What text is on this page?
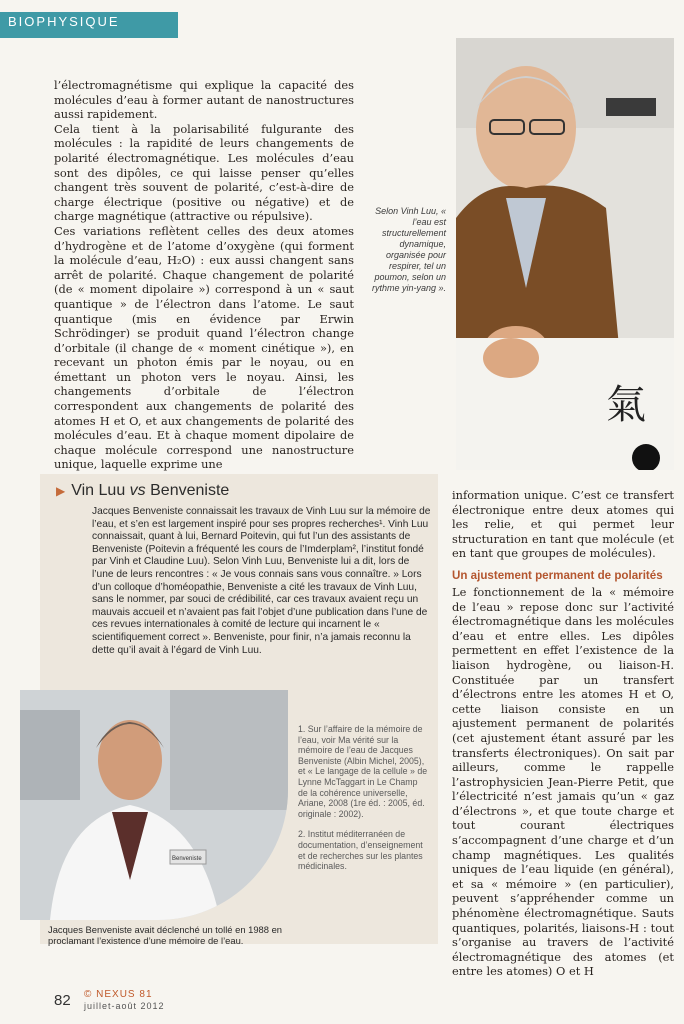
BIOPHYSIQUE

l’électromagnétisme qui explique la capacité des molécules d’eau à former autant de nanostructures aussi rapidement.

Cela tient à la polarisabilité fulgurante des molécules : la rapidité de leurs changements de polarité électromagnétique. Les molécules d’eau sont des dipôles, ce qui laisse penser qu’elles changent très souvent de polarité, c’est-à-dire de charge électrique (positive ou négative) et de charge magnétique (attractive ou répulsive).

Ces variations reflètent celles des deux atomes d’hydrogène et de l’atome d’oxygène (qui forment la molécule d’eau, H₂O) : eux aussi changent sans arrêt de polarité. Chaque changement de polarité (de « moment dipolaire ») correspond à un « saut quantique » de l’électron dans l’atome. Le saut quantique (mis en évidence par Erwin Schrödinger) se produit quand l’électron change d’orbitale (il change de « moment cinétique »), en recevant un photon émis par le noyau, ou en émettant un photon vers le noyau. Ainsi, les changements d’orbitale de l’électron correspondent aux changements de polarité des atomes H et O, et aux changements de polarité des molécules d’eau. Et à chaque moment dipolaire de chaque molécule correspond une nanostructure unique, laquelle exprime une

氣
▶ Vin Luu vs Benveniste

Jacques Benveniste connaissait les travaux de Vinh Luu sur la mémoire de l’eau, et s’en est largement inspiré pour ses propres recherches¹. Vinh Luu connaissait, quant à lui, Bernard Poitevin, qui fut l’un des assistants de Benveniste (Poitevin a fréquenté les cours de l’Imderplam², l’institut fondé par Vinh et Claudine Luu). Selon Vinh Luu, Benveniste lui a dit, lors de l’une de leurs rencontres : « Je vous connais sans vous connaître. » Lors d’un colloque d’homéopathie, Benveniste a cité les travaux de Vinh Luu, sans le nommer, par souci de crédibilité, car ces travaux avaient reçu un mauvais accueil et n’avaient pas fait l’objet d’une publication dans l’une de ces revues internationales à comité de lecture qui incarnent le « scientifiquement correct ». Benveniste, pour finir, n’a jamais reconnu la dette qu’il avait à l’égard de Vinh Luu.

Benveniste

1. Sur l’affaire de la mémoire de l’eau, voir Ma vérité sur la mémoire de l’eau de Jacques Benveniste (Albin Michel, 2005), et « Le langage de la cellule » de Lynne McTaggart in Le Champ de la cohérence universelle, Ariane, 2008 (1re éd. : 2005, éd. originale : 2002).

2. Institut méditerranéen de documentation, d’enseignement et de recherches sur les plantes médicinales.

Jacques Benveniste avait déclenché un tollé en 1988 en proclamant l’existence d’une mémoire de l’eau.

information unique. C’est ce transfert électronique entre deux atomes qui les relie, et qui permet leur structuration en tant que molécule (et en tant que groupes de molécules).

Un ajustement permanent de polarités

Le fonctionnement de la « mémoire de l’eau » repose donc sur l’activité électromagnétique dans les molécules d’eau et entre elles. Les dipôles permettent en effet l’existence de la liaison hydrogène, ou liaison-H. Constituée par un transfert d’électrons entre les atomes H et O, cette liaison consiste en un ajustement permanent de polarités (cet ajustement étant assuré par les transferts électroniques). On sait par ailleurs, comme le rappelle l’astrophysicien Jean-Pierre Petit, que l’électricité n’est jamais qu’un « gaz d’électrons », et que toute charge et tout courant électriques s’accompagnent d’une charge et d’un champ magnétiques. Les qualités uniques de l’eau liquide (en général), et sa « mémoire » (en particulier), peuvent s’appréhender comme un phénomène électromagnétique. Sauts quantiques, polarités, liaisons-H : tout s’organise au travers de l’activité électromagnétique des atomes (et entre les atomes) O et H

82 © NEXUS 81
juillet-août 2012
Selon Vinh Luu, « l’eau est structurellement dynamique, organisée pour respirer, tel un poumon, selon un rythme yin-yang ».
